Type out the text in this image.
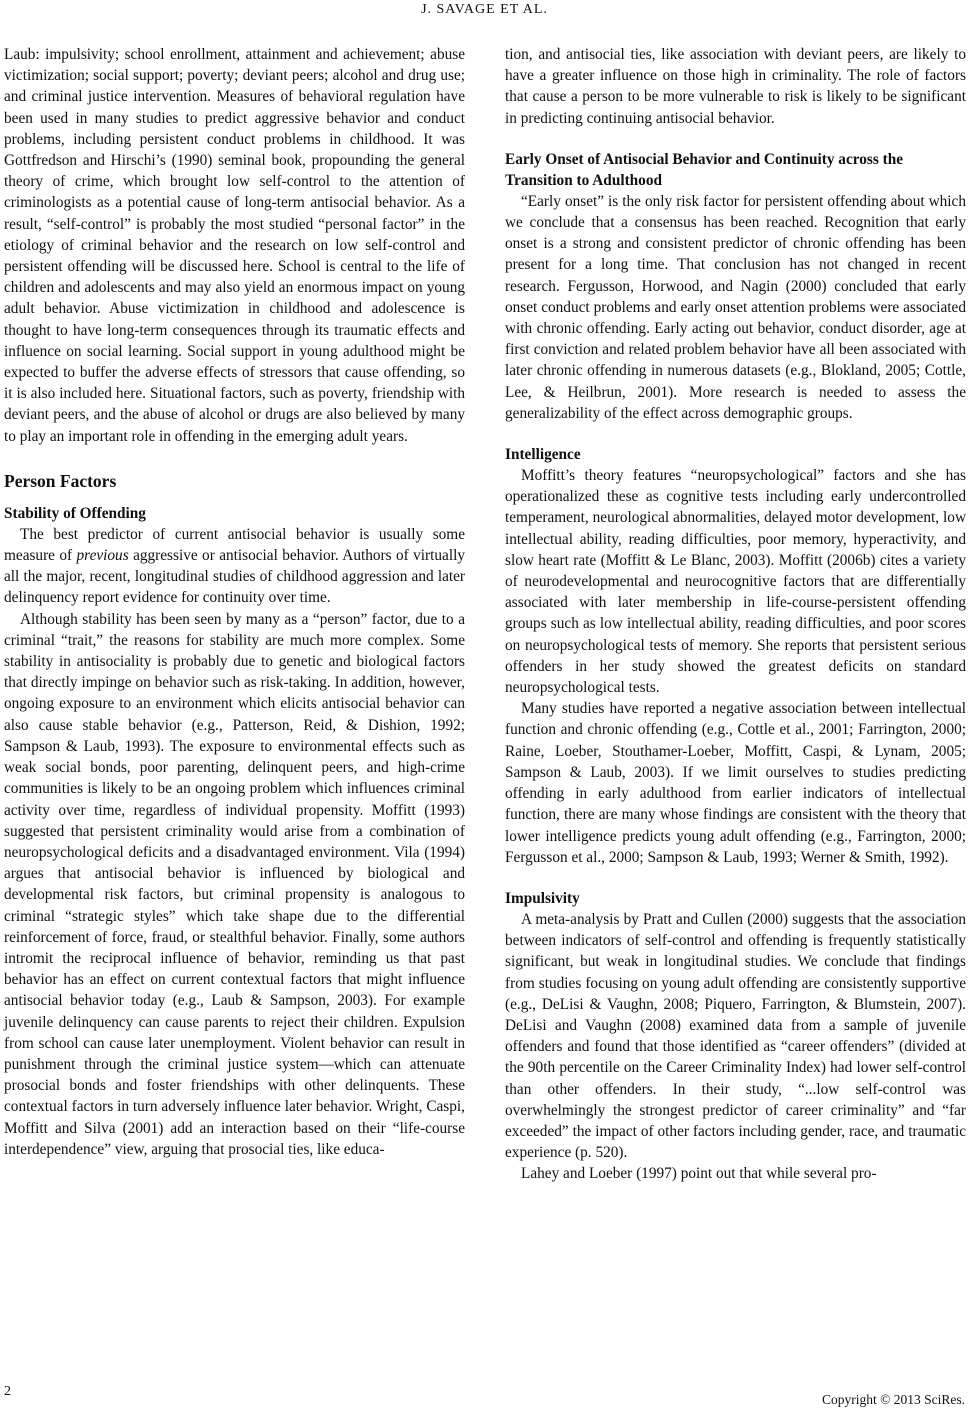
J. SAVAGE ET AL.

Laub: impulsivity; school enrollment, attainment and achievement; abuse victimization; social support; poverty; deviant peers; alcohol and drug use; and criminal justice intervention. Measures of behavioral regulation have been used in many studies to predict aggressive behavior and conduct problems, including persistent conduct problems in childhood. It was Gottfredson and Hirschi’s (1990) seminal book, propounding the general theory of crime, which brought low self-control to the attention of criminologists as a potential cause of long-term antisocial behavior. As a result, “self-control” is probably the most studied “personal factor” in the etiology of criminal behavior and the research on low self-control and persistent offending will be discussed here. School is central to the life of children and adolescents and may also yield an enormous impact on young adult behavior. Abuse victimization in childhood and adolescence is thought to have long-term consequences through its traumatic effects and influence on social learning. Social support in young adulthood might be expected to buffer the adverse effects of stressors that cause offending, so it is also included here. Situational factors, such as poverty, friendship with deviant peers, and the abuse of alcohol or drugs are also believed by many to play an important role in offending in the emerging adult years.

Person Factors
Stability of Offending

The best predictor of current antisocial behavior is usually some measure of previous aggressive or antisocial behavior. Authors of virtually all the major, recent, longitudinal studies of childhood aggression and later delinquency report evidence for continuity over time.

Although stability has been seen by many as a “person” factor, due to a criminal “trait,” the reasons for stability are much more complex. Some stability in antisociality is probably due to genetic and biological factors that directly impinge on behavior such as risk-taking. In addition, however, ongoing exposure to an environment which elicits antisocial behavior can also cause stable behavior (e.g., Patterson, Reid, & Dishion, 1992; Sampson & Laub, 1993). The exposure to environmental effects such as weak social bonds, poor parenting, delinquent peers, and high-crime communities is likely to be an ongoing problem which influences criminal activity over time, regardless of individual propensity. Moffitt (1993) suggested that persistent criminality would arise from a combination of neuropsychological deficits and a disadvantaged environment. Vila (1994) argues that antisocial behavior is influenced by biological and developmental risk factors, but criminal propensity is analogous to criminal “strategic styles” which take shape due to the differential reinforcement of force, fraud, or stealthful behavior. Finally, some authors intromit the reciprocal influence of behavior, reminding us that past behavior has an effect on current contextual factors that might influence antisocial behavior today (e.g., Laub & Sampson, 2003). For example juvenile delinquency can cause parents to reject their children. Expulsion from school can cause later unemployment. Violent behavior can result in punishment through the criminal justice system—which can attenuate prosocial bonds and foster friendships with other delinquents. These contextual factors in turn adversely influence later behavior. Wright, Caspi, Moffitt and Silva (2001) add an interaction based on their “life-course interdependence” view, arguing that prosocial ties, like educa-

tion, and antisocial ties, like association with deviant peers, are likely to have a greater influence on those high in criminality. The role of factors that cause a person to be more vulnerable to risk is likely to be significant in predicting continuing antisocial behavior.

Early Onset of Antisocial Behavior and Continuity across the Transition to Adulthood

“Early onset” is the only risk factor for persistent offending about which we conclude that a consensus has been reached. Recognition that early onset is a strong and consistent predictor of chronic offending has been present for a long time. That conclusion has not changed in recent research. Fergusson, Horwood, and Nagin (2000) concluded that early onset conduct problems and early onset attention problems were associated with chronic offending. Early acting out behavior, conduct disorder, age at first conviction and related problem behavior have all been associated with later chronic offending in numerous datasets (e.g., Blokland, 2005; Cottle, Lee, & Heilbrun, 2001). More research is needed to assess the generalizability of the effect across demographic groups.

Intelligence

Moffitt’s theory features “neuropsychological” factors and she has operationalized these as cognitive tests including early undercontrolled temperament, neurological abnormalities, delayed motor development, low intellectual ability, reading difficulties, poor memory, hyperactivity, and slow heart rate (Moffitt & Le Blanc, 2003). Moffitt (2006b) cites a variety of neurodevelopmental and neurocognitive factors that are differentially associated with later membership in life-course-persistent offending groups such as low intellectual ability, reading difficulties, and poor scores on neuropsychological tests of memory. She reports that persistent serious offenders in her study showed the greatest deficits on standard neuropsychological tests.

Many studies have reported a negative association between intellectual function and chronic offending (e.g., Cottle et al., 2001; Farrington, 2000; Raine, Loeber, Stouthamer-Loeber, Moffitt, Caspi, & Lynam, 2005; Sampson & Laub, 2003). If we limit ourselves to studies predicting offending in early adulthood from earlier indicators of intellectual function, there are many whose findings are consistent with the theory that lower intelligence predicts young adult offending (e.g., Farrington, 2000; Fergusson et al., 2000; Sampson & Laub, 1993; Werner & Smith, 1992).

Impulsivity

A meta-analysis by Pratt and Cullen (2000) suggests that the association between indicators of self-control and offending is frequently statistically significant, but weak in longitudinal studies. We conclude that findings from studies focusing on young adult offending are consistently supportive (e.g., DeLisi & Vaughn, 2008; Piquero, Farrington, & Blumstein, 2007). DeLisi and Vaughn (2008) examined data from a sample of juvenile offenders and found that those identified as “career offenders” (divided at the 90th percentile on the Career Criminality Index) had lower self-control than other offenders. In their study, “...low self-control was overwhelmingly the strongest predictor of career criminality” and “far exceeded” the impact of other factors including gender, race, and traumatic experience (p. 520).

Lahey and Loeber (1997) point out that while several pro-

2
Copyright © 2013 SciRes.
